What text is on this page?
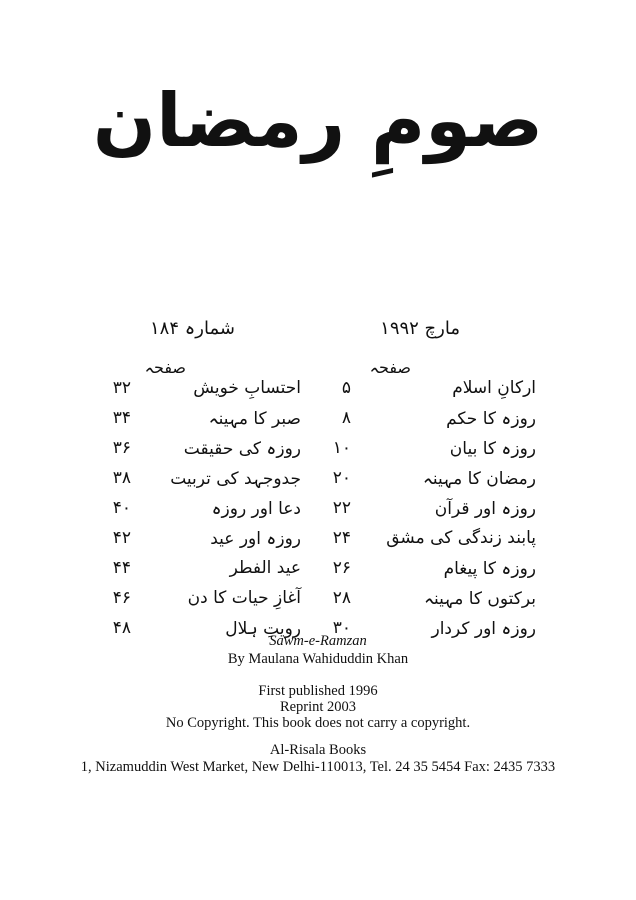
صومِ رمضان
مارچ ۱۹۹۲
شمارہ ۱۸۴
صفحہ
صفحہ
ارکانِ اسلام
۵
احتسابِ خویش
۳۲
روزہ کا حکم
۸
صبر کا مہینہ
۳۴
روزہ کا بیان
۱۰
روزہ کی حقیقت
۳۶
رمضان کا مہینہ
۲۰
جدوجہد کی تربیت
۳۸
روزہ اور قرآن
۲۲
دعا اور روزہ
۴۰
پابند زندگی کی مشق
۲۴
روزہ اور عید
۴۲
روزہ کا پیغام
۲۶
عید الفطر
۴۴
برکتوں کا مہینہ
۲۸
آغازِ حیات کا دن
۴۶
روزہ اور کردار
۳۰
رویتِ ہلال
۴۸
Sawm-e-Ramzan
By Maulana Wahiduddin Khan
First published 1996
Reprint 2003
No Copyright. This book does not carry a copyright.
Al-Risala Books
1, Nizamuddin West Market, New Delhi-110013, Tel. 24 35 5454 Fax: 2435 7333
